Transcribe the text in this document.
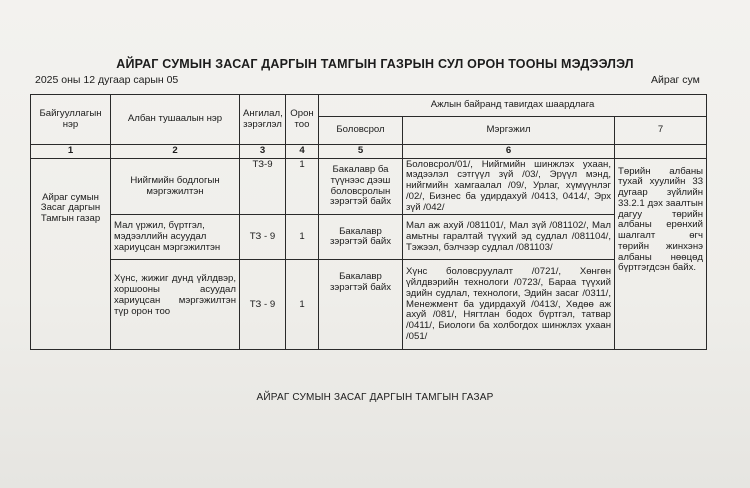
АЙРАГ СУМЫН ЗАСАГ ДАРГЫН ТАМГЫН ГАЗРЫН СУЛ ОРОН ТООНЫ МЭДЭЭЛЭЛ
2025 оны 12 дугаар сарын 05	Айраг сум
Байгууллагын нэр	Албан тушаалын нэр	Ангилал, зэрэглэл	Орон тоо	Ажлын байранд тавигдах шаардлага		
				Боловсрол	Мэргэжил	7
1	2	3	4	5	6	
Айраг сумын Засаг даргын Тамгын газар	Нийгмийн бодлогын мэргэжилтэн	ТЗ-9	1	Бакалавр ба түүнээс дээш боловсролын зэрэгтэй байх	Боловсрол/01/, Нийгмийн шинжлэх ухаан, мэдээлэл сэтгүүл зүй /03/, Эрүүл мэнд, нийгмийн хамгаалал /09/, Урлаг, хүмүүнлэг /02/, Бизнес ба удирдахуй /0413, 0414/, Эрх зүй /042/	Төрийн албаны тухай хуулийн 33 дугаар зүйлийн 33.2.1 дэх заалтын дагуу төрийн албаны ерөнхий шалгалт өгч төрийн жинхэнэ албаны нөөцөд бүртгэгдсэн байх.
	Мал үржил, бүртгэл, мэдээллийн асуудал хариуцсан мэргэжилтэн	ТЗ - 9	1	Бакалавр зэрэгтэй байх	Мал аж ахуй /081101/, Мал зүй /081102/, Мал амьтны гаралтай түүхий эд судлал /081104/, Тэжээл, бэлчээр судлал /081103/	
	Хүнс, жижиг дунд үйлдвэр, хоршооны асуудал хариуцсан мэргэжилтэн түр орон тоо	ТЗ - 9	1	Бакалавр зэрэгтэй байх	Хүнс боловсруулалт /0721/, Хөнгөн үйлдвэрийн технологи /0723/, Бараа түүхий эдийн судлал, технологи, Эдийн засаг /0311/, Менежмент ба удирдахуй /0413/, Хөдөө аж ахуй /081/, Нягтлан бодох бүртгэл, татвар /0411/, Биологи ба холбогдох шинжлэх ухаан /051/	
АЙРАГ СУМЫН ЗАСАГ ДАРГЫН ТАМГЫН ГАЗАР
